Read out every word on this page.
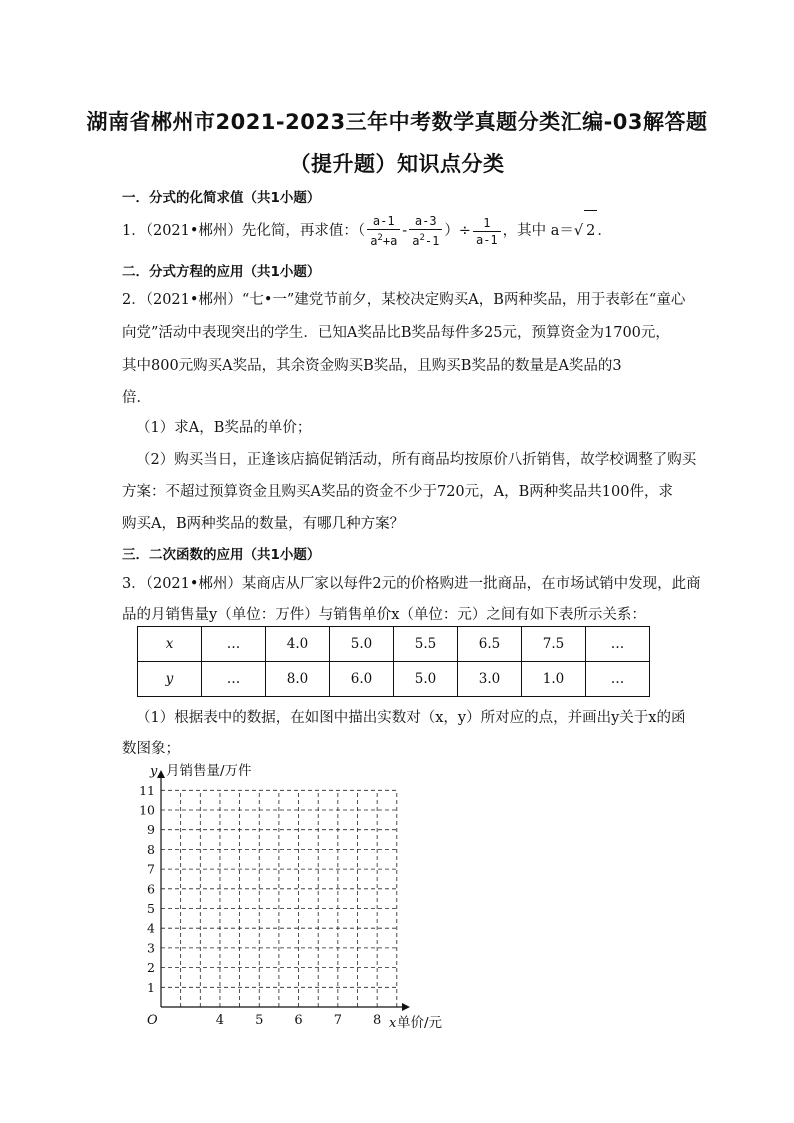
湖南省郴州市2021-2023三年中考数学真题分类汇编-03解答题
（提升题）知识点分类
一．分式的化简求值（共1小题）
1．（2021•郴州）先化简，再求值：（ $\frac{a-1}{a^2+a} - \frac{a-3}{a^2-1}$ ）÷ $\frac{1}{a-1}$ ，其中 a＝√ 2 ．
二．分式方程的应用（共1小题）
2．（2021•郴州）“七•一”建党节前夕，某校决定购买A，B两种奖品，用于表彰在“童心
向党”活动中表现突出的学生．已知A奖品比B奖品每件多25元，预算资金为1700元，
其中800元购买A奖品，其余资金购买B奖品，且购买B奖品的数量是A奖品的3
倍．
（1）求A，B奖品的单价；
（2）购买当日，正逢该店搞促销活动，所有商品均按原价八折销售，故学校调整了购买
方案：不超过预算资金且购买A奖品的资金不少于720元，A，B两种奖品共100件，求
购买A，B两种奖品的数量，有哪几种方案？
三．二次函数的应用（共1小题）
3．（2021•郴州）某商店从厂家以每件2元的价格购进一批商品，在市场试销中发现，此商
品的月销售量y（单位：万件）与销售单价x（单位：元）之间有如下表所示关系：
x	…	4.0	5.0	5.5	6.5	7.5	…
y	…	8.0	6.0	5.0	3.0	1.0	…
（1）根据表中的数据，在如图中描出实数对（x，y）所对应的点，并画出y关于x的函
数图象；
4 5 6 7 8
1
2
3
4
5
6
7
8
9
10
11
O
y 月销售量/万件
x 单价/元
